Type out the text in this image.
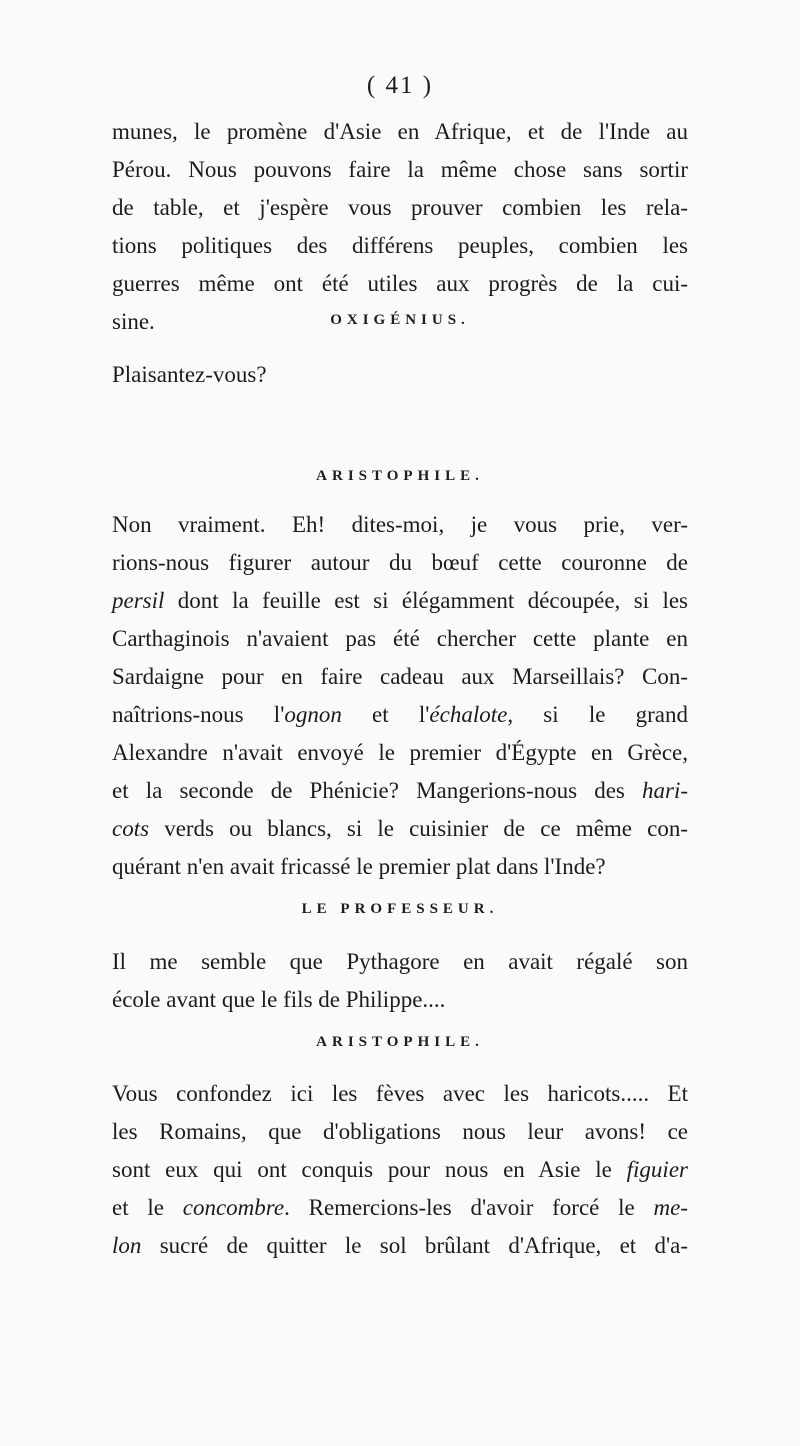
( 41 )
munes, le promène d'Asie en Afrique, et de l'Inde au
Pérou. Nous pouvons faire la même chose sans sortir
de table, et j'espère vous prouver combien les rela-
tions politiques des différens peuples, combien les
guerres même ont été utiles aux progrès de la cui-
sine.	OXIGÉNIUS.
Plaisantez-vous?
ARISTOPHILE.
Non vraiment. Eh! dites-moi, je vous prie, ver-
rions-nous figurer autour du bœuf cette couronne de
persil dont la feuille est si élégamment découpée, si les
Carthaginois n'avaient pas été chercher cette plante en
Sardaigne pour en faire cadeau aux Marseillais? Con-
naîtrions-nous l'ognon et l'échalote, si le grand
Alexandre n'avait envoyé le premier d'Égypte en Grèce,
et la seconde de Phénicie? Mangerions-nous des hari-
cots verds ou blancs, si le cuisinier de ce même con-
quérant n'en avait fricassé le premier plat dans l'Inde?
LE PROFESSEUR.
Il me semble que Pythagore en avait régalé son
école avant que le fils de Philippe....
ARISTOPHILE.
Vous confondez ici les fèves avec les haricots..... Et
les Romains, que d'obligations nous leur avons! ce
sont eux qui ont conquis pour nous en Asie le figuier
et le concombre. Remercions-les d'avoir forcé le me-
lon sucré de quitter le sol brûlant d'Afrique, et d'a-
